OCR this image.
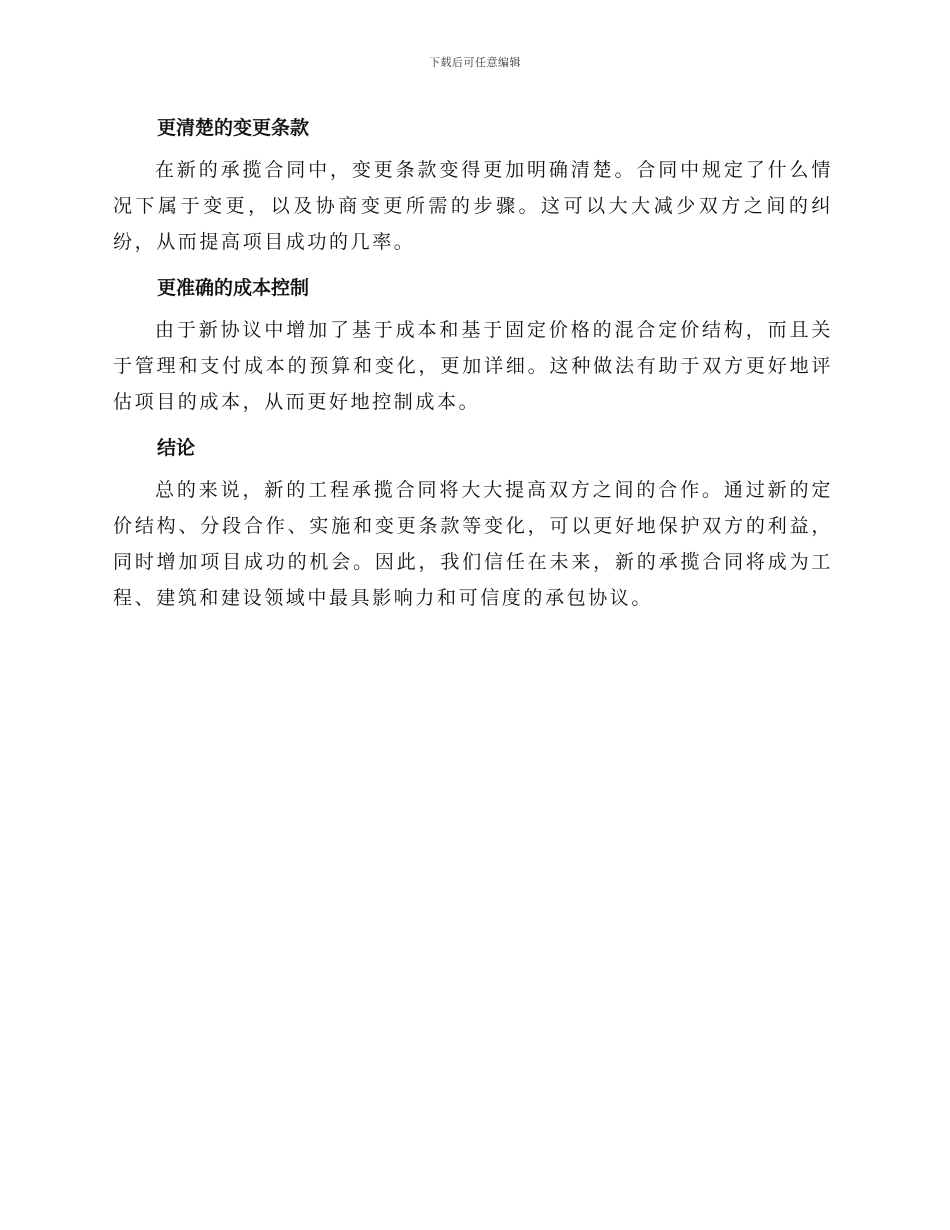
下载后可任意编辑
更清楚的变更条款

在新的承揽合同中，变更条款变得更加明确清楚。合同中规定了什么情况下属于变更，以及协商变更所需的步骤。这可以大大减少双方之间的纠纷，从而提高项目成功的几率。

更准确的成本控制

由于新协议中增加了基于成本和基于固定价格的混合定价结构，而且关于管理和支付成本的预算和变化，更加详细。这种做法有助于双方更好地评估项目的成本，从而更好地控制成本。

结论

总的来说，新的工程承揽合同将大大提高双方之间的合作。通过新的定价结构、分段合作、实施和变更条款等变化，可以更好地保护双方的利益，同时增加项目成功的机会。因此，我们信任在未来，新的承揽合同将成为工程、建筑和建设领域中最具影响力和可信度的承包协议。
